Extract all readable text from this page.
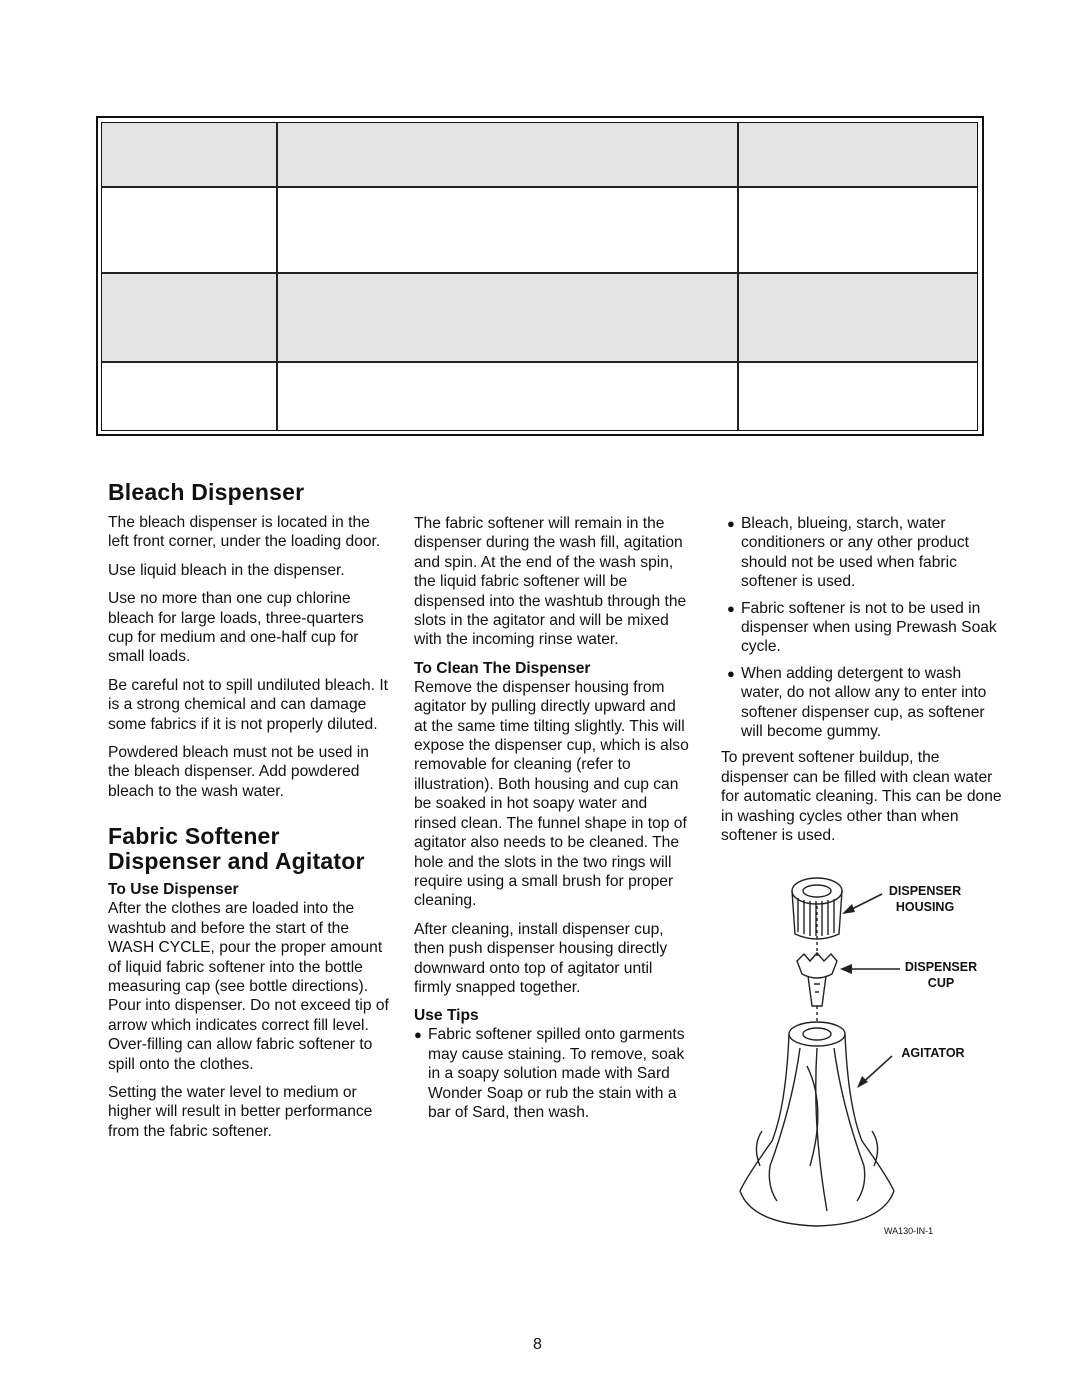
Bleach Dispenser

The bleach dispenser is located in the left front corner, under the loading door.

Use liquid bleach in the dispenser.

Use no more than one cup chlorine bleach for large loads, three-quarters cup for medium and one-half cup for small loads.

Be careful not to spill undiluted bleach. It is a strong chemical and can damage some fabrics if it is not properly diluted.

Powdered bleach must not be used in the bleach dispenser. Add powdered bleach to the wash water.

Fabric Softener
Dispenser and Agitator
To Use Dispenser

After the clothes are loaded into the washtub and before the start of the WASH CYCLE, pour the proper amount of liquid fabric softener into the bottle measuring cap (see bottle directions). Pour into dispenser. Do not exceed tip of arrow which indicates correct fill level. Over-filling can allow fabric softener to spill onto the clothes.

Setting the water level to medium or higher will result in better performance from the fabric softener.

The fabric softener will remain in the dispenser during the wash fill, agitation and spin. At the end of the wash spin, the liquid fabric softener will be dispensed into the washtub through the slots in the agitator and will be mixed with the incoming rinse water.

To Clean The Dispenser

Remove the dispenser housing from agitator by pulling directly upward and at the same time tilting slightly. This will expose the dispenser cup, which is also removable for cleaning (refer to illustration). Both housing and cup can be soaked in hot soapy water and rinsed clean. The funnel shape in top of agitator also needs to be cleaned. The hole and the slots in the two rings will require using a small brush for proper cleaning.

After cleaning, install dispenser cup, then push dispenser housing directly downward onto top of agitator until firmly snapped together.

Use Tips
● Fabric softener spilled onto garments may cause staining. To remove, soak in a soapy solution made with Sard Wonder Soap or rub the stain with a bar of Sard, then wash.
● Bleach, blueing, starch, water conditioners or any other product should not be used when fabric softener is used.
● Fabric softener is not to be used in dispenser when using Prewash Soak cycle.
● When adding detergent to wash water, do not allow any to enter into softener dispenser cup, as softener will become gummy.

To prevent softener buildup, the dispenser can be filled with clean water for automatic cleaning. This can be done in washing cycles other than when softener is used.

DISPENSER
HOUSING
DISPENSER
CUP
AGITATOR
WA130-IN-1
8
